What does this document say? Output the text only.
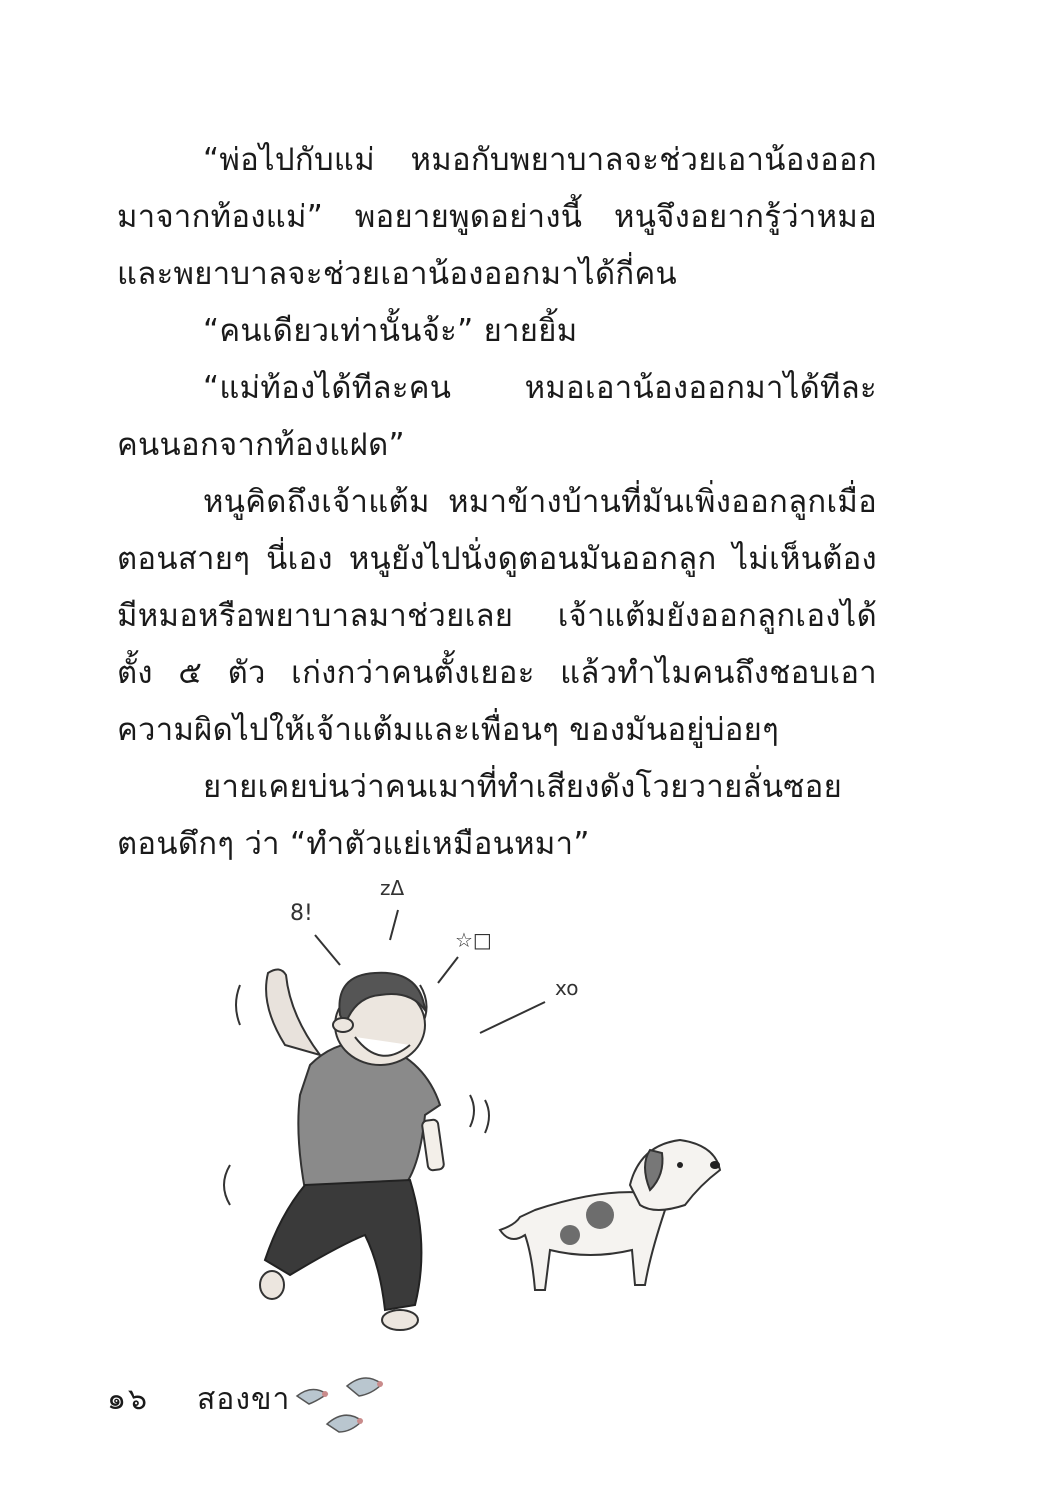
“พ่อไปกับแม่ หมอกับพยาบาลจะช่วยเอาน้องออกมาจากท้องแม่” พอยายพูดอย่างนี้ หนูจึงอยากรู้ว่าหมอและพยาบาลจะช่วยเอาน้องออกมาได้กี่คน

“คนเดียวเท่านั้นจ้ะ” ยายยิ้ม

“แม่ท้องได้ทีละคน หมอเอาน้องออกมาได้ทีละคนนอกจากท้องแฝด”

หนูคิดถึงเจ้าแต้ม หมาข้างบ้านที่มันเพิ่งออกลูกเมื่อตอนสายๆ นี่เอง หนูยังไปนั่งดูตอนมันออกลูก ไม่เห็นต้องมีหมอหรือพยาบาลมาช่วยเลย เจ้าแต้มยังออกลูกเองได้ตั้ง ๕ ตัว เก่งกว่าคนตั้งเยอะ แล้วทำไมคนถึงชอบเอาความผิดไปให้เจ้าแต้มและเพื่อนๆ ของมันอยู่บ่อยๆ

ยายเคยบ่นว่าคนเมาที่ทำเสียงดังโวยวายลั่นซอยตอนดึกๆ ว่า “ทำตัวแย่เหมือนหมา”

8!
zΔ
☆□
xo
๑๖ สองขา
